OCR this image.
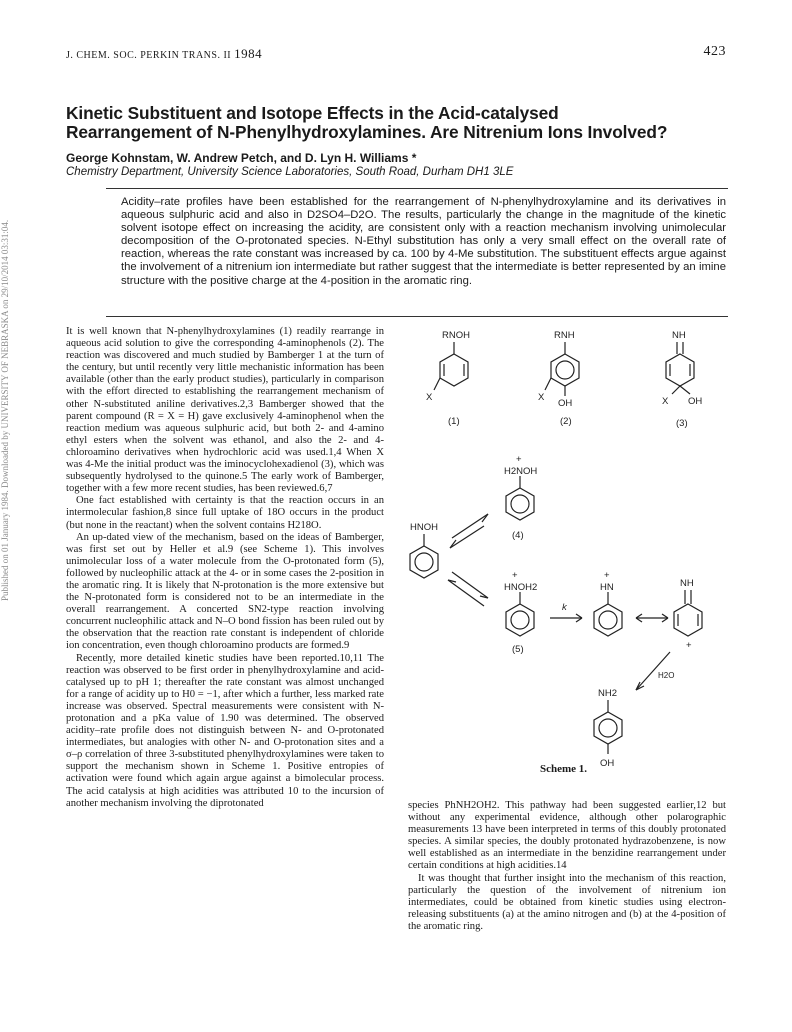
Published on 01 January 1984. Downloaded by UNIVERSITY OF NEBRASKA on 29/10/2014 03:31:04.
J. CHEM. SOC. PERKIN TRANS. II 1984	423
Kinetic Substituent and Isotope Effects in the Acid-catalysed
Rearrangement of N-Phenylhydroxylamines. Are Nitrenium Ions Involved?
George Kohnstam, W. Andrew Petch, and D. Lyn H. Williams *
Chemistry Department, University Science Laboratories, South Road, Durham DH1 3LE

Acidity–rate profiles have been established for the rearrangement of N-phenylhydroxylamine and its derivatives in aqueous sulphuric acid and also in D2SO4–D2O. The results, particularly the change in the magnitude of the kinetic solvent isotope effect on increasing the acidity, are consistent only with a reaction mechanism involving unimolecular decomposition of the O-protonated species. N-Ethyl substitution has only a very small effect on the overall rate of reaction, whereas the rate constant was increased by ca. 100 by 4-Me substitution. The substituent effects argue against the involvement of a nitrenium ion intermediate but rather suggest that the intermediate is better represented by an imine structure with the positive charge at the 4-position in the aromatic ring.

It is well known that N-phenylhydroxylamines (1) readily rearrange in aqueous acid solution to give the corresponding 4-aminophenols (2). The reaction was discovered and much studied by Bamberger 1 at the turn of the century, but until recently very little mechanistic information has been available (other than the early product studies), particularly in comparison with the effort directed to establishing the rearrangement mechanism of other N-substituted aniline derivatives.2,3 Bamberger showed that the parent compound (R = X = H) gave exclusively 4-aminophenol when the reaction medium was aqueous sulphuric acid, but both 2- and 4-amino ethyl esters when the solvent was ethanol, and also the 2- and 4-chloroamino derivatives when hydrochloric acid was used.1,4 When X was 4-Me the initial product was the iminocyclohexadienol (3), which was subsequently hydrolysed to the quinone.5 The early work of Bamberger, together with a few more recent studies, has been reviewed.6,7

One fact established with certainty is that the reaction occurs in an intermolecular fashion,8 since full uptake of 18O occurs in the product (but none in the reactant) when the solvent contains H218O.

An up-dated view of the mechanism, based on the ideas of Bamberger, was first set out by Heller et al.9 (see Scheme 1). This involves unimolecular loss of a water molecule from the O-protonated form (5), followed by nucleophilic attack at the 4- or in some cases the 2-position in the aromatic ring. It is likely that N-protonation is the more extensive but the N-protonated form is considered not to be an intermediate in the overall rearrangement. A concerted SN2-type reaction involving concurrent nucleophilic attack and N–O bond fission has been ruled out by the observation that the reaction rate constant is independent of chloride ion concentration, even though chloroamino products are formed.9

Recently, more detailed kinetic studies have been reported.10,11 The reaction was observed to be first order in phenylhydroxylamine and acid-catalysed up to pH 1; thereafter the rate constant was almost unchanged for a range of acidity up to H0 = −1, after which a further, less marked rate increase was observed. Spectral measurements were consistent with N-protonation and a pKa value of 1.90 was determined. The observed acidity–rate profile does not distinguish between N- and O-protonated intermediates, but analogies with other N- and O-protonation sites and a σ–ρ correlation of three 3-substituted phenylhydroxylamines were taken to support the mechanism shown in Scheme 1. Positive entropies of activation were found which again argue against a bimolecular process. The acid catalysis at high acidities was attributed 10 to the incursion of another mechanism involving the diprotonated

RNOH
X
(1)
RNH
X
OH
(2)
NH
X OH
(3)
+
H2NOH
(4)
HNOH
+
HNOH2
(5)
k
+
HN	NH
+
H2O
NH2
OH
Scheme 1.

species PhNH2OH2. This pathway had been suggested earlier,12 but without any experimental evidence, although other polarographic measurements 13 have been interpreted in terms of this doubly protonated species. A similar species, the doubly protonated hydrazobenzene, is now well established as an intermediate in the benzidine rearrangement under certain conditions at high acidities.14

It was thought that further insight into the mechanism of this reaction, particularly the question of the involvement of nitrenium ion intermediates, could be obtained from kinetic studies using electron-releasing substituents (a) at the amino nitrogen and (b) at the 4-position of the aromatic ring.
